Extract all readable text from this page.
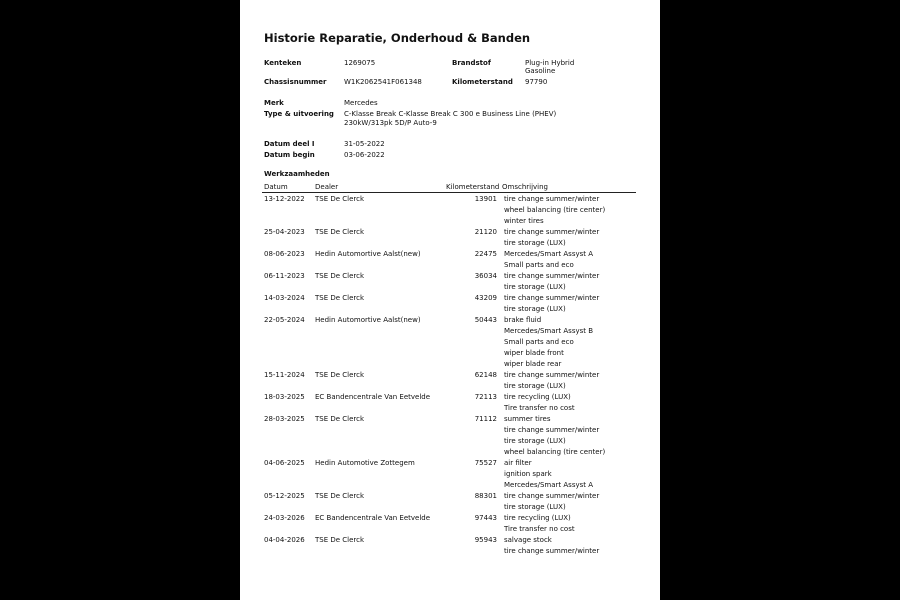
Historie Reparatie, Onderhoud & Banden
Kenteken	1269075	Brandstof	Plug-in Hybrid
Gasoline
Chassisnummer	W1K2062541F061348	Kilometerstand 97790
Merk	Mercedes
Type & uitvoering C-Klasse Break C-Klasse Break C 300 e Business Line (PHEV)
230kW/313pk 5D/P Auto-9
Datum deel I	31-05-2022
Datum begin	03-06-2022
Werkzaamheden
Datum	Dealer	Kilometerstand Omschrijving
13-12-2022 TSE De Clerck	13901 tire change summer/winter
wheel balancing (tire center)
winter tires
25-04-2023 TSE De Clerck	21120 tire change summer/winter
tire storage (LUX)
08-06-2023 Hedin Automortive Aalst(new)	22475 Mercedes/Smart Assyst A
Small parts and eco
06-11-2023 TSE De Clerck	36034 tire change summer/winter
tire storage (LUX)
14-03-2024 TSE De Clerck	43209 tire change summer/winter
tire storage (LUX)
22-05-2024 Hedin Automortive Aalst(new)	50443 brake fluid
Mercedes/Smart Assyst B
Small parts and eco
wiper blade front
wiper blade rear
15-11-2024 TSE De Clerck	62148 tire change summer/winter
tire storage (LUX)
18-03-2025 EC Bandencentrale Van Eetvelde	72113 tire recycling (LUX)
Tire transfer no cost
28-03-2025 TSE De Clerck	71112 summer tires
tire change summer/winter
tire storage (LUX)
wheel balancing (tire center)
04-06-2025 Hedin Automotive Zottegem	75527 air filter
ignition spark
Mercedes/Smart Assyst A
05-12-2025 TSE De Clerck	88301 tire change summer/winter
tire storage (LUX)
24-03-2026 EC Bandencentrale Van Eetvelde	97443 tire recycling (LUX)
Tire transfer no cost
04-04-2026 TSE De Clerck	95943 salvage stock
tire change summer/winter
